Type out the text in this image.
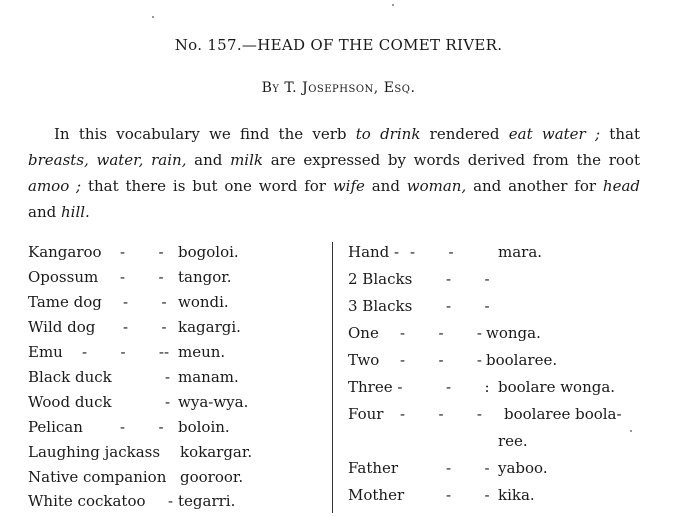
No. 157.—HEAD OF THE COMET RIVER.
By T. Josephson, Esq.

In this vocabulary we find the verb to drink rendered eat water ; that breasts, water, rain, and milk are expressed by words derived from the root amoo ; that there is but one word for wife and woman, and another for head and hill.

Kangaroo -       - bogoloi.
Opossum -       - tangor.
Tame dog -       - wondi.
Wild dog -       - kagargi.
Emu -       -       -- meun.
Black duck	- manam.
Wood duck	- wya-wya.
Pelican -       - boloin.
Laughing jackass kokargar.
Native companion gooroor.
White cockatoo - tegarri.
Hand - -       -	mara.
2 Blacks -       -
3 Blacks -       -
One -       -       - wonga.
Two -       -       - boolaree.
Three -	-       : boolare wonga.
Four -       -       - boolaree boola-
ree.
Father	-       - yaboo.
Mother	-       - kika.
